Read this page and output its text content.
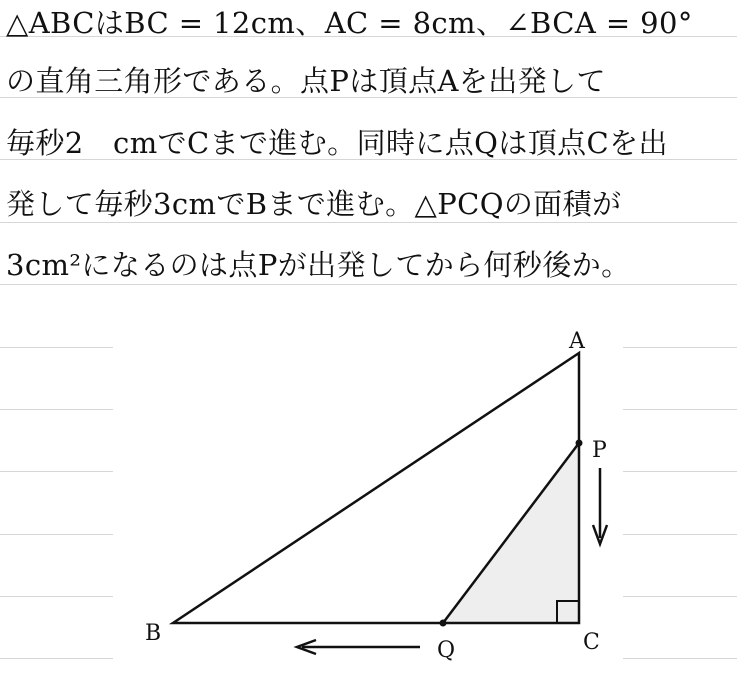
△ABCはBC = 12cm、AC = 8cm、∠BCA = 90°
の直角三角形である。点Pは頂点Aを出発して
毎秒2　cmでCまで進む。同時に点Qは頂点Cを出
発して毎秒3cmでBまで進む。△PCQの面積が
3cm²になるのは点Pが出発してから何秒後か。
A
B	C
P
Q
